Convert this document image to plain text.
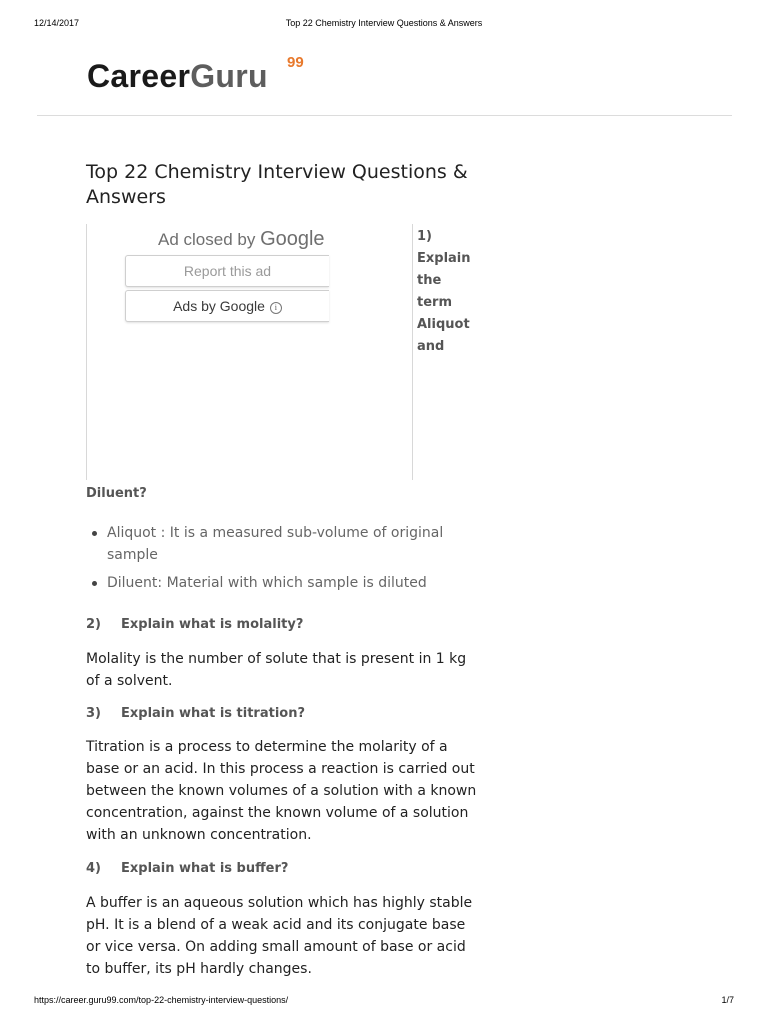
12/14/2017	Top 22 Chemistry Interview Questions & Answers
CareerGuru 99
Top 22 Chemistry Interview Questions & Answers
Ad closed by Google
Report this ad
Ads by Google i
1)
Explain
the
term
Aliquot
and
Diluent?
Aliquot : It is a measured sub-volume of original sample
Diluent: Material with which sample is diluted
2) Explain what is molality?

Molality is the number of solute that is present in 1 kg of a solvent.

3) Explain what is titration?

Titration is a process to determine the molarity of a base or an acid. In this process a reaction is carried out between the known volumes of a solution with a known concentration, against the known volume of a solution with an unknown concentration.

4) Explain what is buffer?

A buffer is an aqueous solution which has highly stable pH. It is a blend of a weak acid and its conjugate base or vice versa. On adding small amount of base or acid to buffer, its pH hardly changes.

https://career.guru99.com/top-22-chemistry-interview-questions/	1/7
